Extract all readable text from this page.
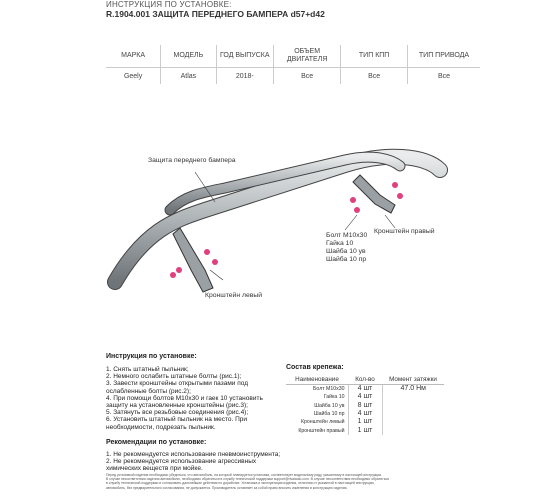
ИНСТРУКЦИЯ ПО УСТАНОВКЕ:
R.1904.001 ЗАЩИТА ПЕРЕДНЕГО БАМПЕРА d57+d42
МАРКА	МОДЕЛЬ	ГОД ВЫПУСКА	ОБЪЕМ ДВИГАТЕЛЯ	ТИП КПП	ТИП ПРИВОДА
Geely	Atlas	2018-	Все	Все	Все
Защита переднего бампера
Кронштейн правый
Кронштейн левый
Болт М10х30
Гайка 10
Шайба 10 ув
Шайба 10 пр
Инструкция по установке:
1. Снять штатный пыльник;
2. Немного ослабить штатные болты (рис.1);
3. Завести кронштейны открытыми пазами под ослабленные болты (рис.2);
4. При помощи болтов М10х30 и гаек 10 установить защиту на установленные кронштейны (рис.3);
5. Затянуть все резьбовые соединения (рис.4);
6. Установить штатный пыльник на место. При необходимости, подрезать пыльник.
Рекомендации по установке:
1. Не рекомендуется использование пневмоинструмента;
2. Не рекомендуется использование агрессивных химических веществ при мойке.
Состав крепежа:
Наименование	Кол-во	Момент затяжки
Болт М10х30	4 шт	47.0 Нм
Гайка 10	4 шт	
Шайба 10 ув	8 шт	
Шайба 10 пр	4 шт	
Кронштейн левый	1 шт	
Кронштейн правый	1 шт	
Перед установкой изделия необходимо убедиться, что автомобиль, на который планируется установка, соответствует модельному ряду, указанному в настоящей инструкции.
В случае несоответствия изделия автомобилю, необходимо обратиться в службу технической поддержки support@rivalauto.com. В случае несоответствия необходимо обратиться
в службу технической поддержки и согласовать дальнейшие действия по доработке. Установка и эксплуатация изделия, отличная от указанной в настоящей инструкции,
автомобиль, без предварительного согласования, не допускается. Производитель оставляет за собой право вносить изменения в конструкцию изделия.
